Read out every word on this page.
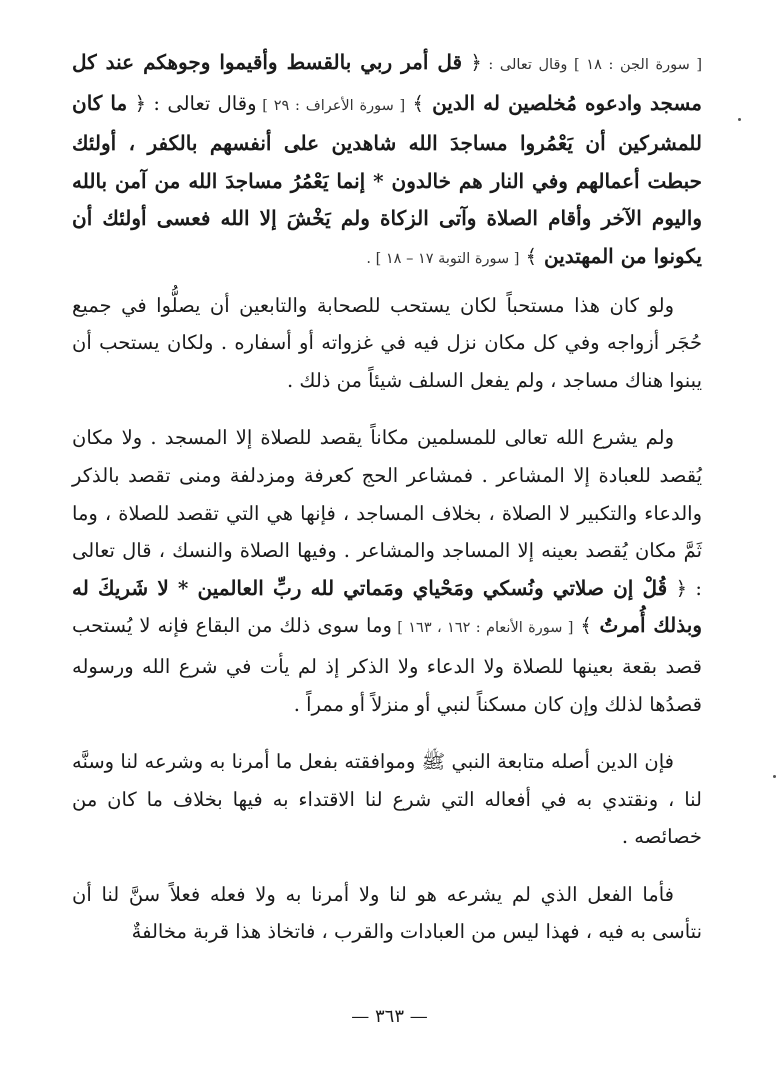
[ سورة الجن : ١٨ ] وقال تعالى : ﴿ قل أمر ربي بالقسط وأقيموا وجوهكم عند كل مسجد وادعوه مُخلصين له الدين ﴾ [ سورة الأعراف : ٢٩ ] وقال تعالى : ﴿ ما كان للمشركين أن يَعْمُروا مساجدَ الله شاهدين على أنفسهم بالكفر ، أولئك حبطت أعمالهم وفي النار هم خالدون * إنما يَعْمُرُ مساجدَ الله من آمن بالله واليوم الآخر وأقام الصلاة وآتى الزكاة ولم يَخْشَ إلا الله فعسى أولئك أن يكونوا من المهتدين ﴾ [ سورة التوبة ١٧ – ١٨ ] .

ولو كان هذا مستحباً لكان يستحب للصحابة والتابعين أن يصلُّوا في جميع حُجَر أزواجه وفي كل مكان نزل فيه في غزواته أو أسفاره . ولكان يستحب أن يبنوا هناك مساجد ، ولم يفعل السلف شيئاً من ذلك .

ولم يشرع الله تعالى للمسلمين مكاناً يقصد للصلاة إلا المسجد . ولا مكان يُقصد للعبادة إلا المشاعر . فمشاعر الحج كعرفة ومزدلفة ومنى تقصد بالذكر والدعاء والتكبير لا الصلاة ، بخلاف المساجد ، فإنها هي التي تقصد للصلاة ، وما ثَمَّ مكان يُقصد بعينه إلا المساجد والمشاعر . وفيها الصلاة والنسك ، قال تعالى : ﴿ قُلْ إن صلاتي ونُسكي ومَحْياي ومَماتي لله ربِّ العالمين * لا شَريكَ له وبذلك أُمرتُ ﴾ [ سورة الأنعام : ١٦٢ ، ١٦٣ ] وما سوى ذلك من البقاع فإنه لا يُستحب قصد بقعة بعينها للصلاة ولا الدعاء ولا الذكر إذ لم يأت في شرع الله ورسوله قصدُها لذلك وإن كان مسكناً لنبي أو منزلاً أو ممراً .

فإن الدين أصله متابعة النبي ﷺ وموافقته بفعل ما أمرنا به وشرعه لنا وسنَّه لنا ، ونقتدي به في أفعاله التي شرع لنا الاقتداء به فيها بخلاف ما كان من خصائصه .

فأما الفعل الذي لم يشرعه هو لنا ولا أمرنا به ولا فعله فعلاً سنَّ لنا أن نتأسى به فيه ، فهذا ليس من العبادات والقرب ، فاتخاذ هذا قربة مخالفةٌ

— ٣٦٣ —
